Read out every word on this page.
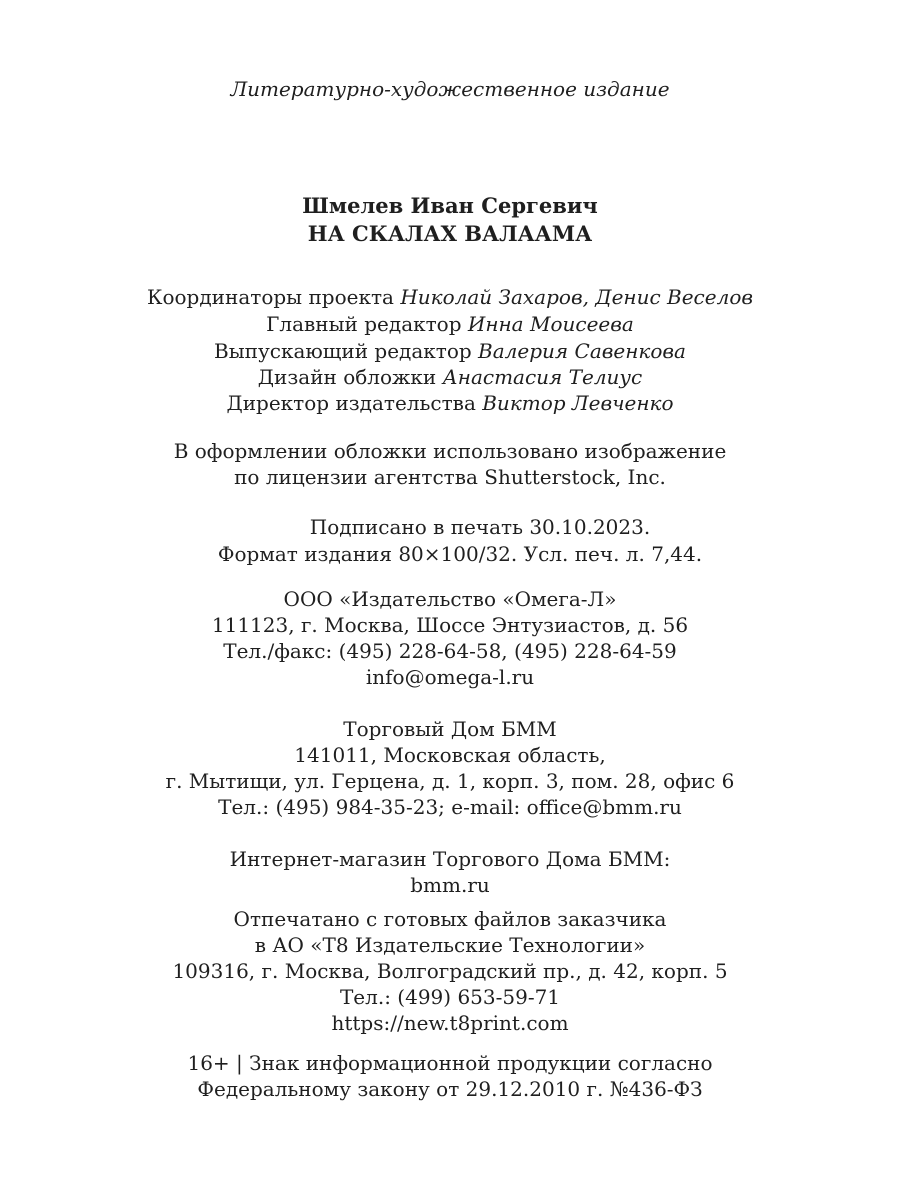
Литературно-художественное издание
Шмелев Иван Сергевич
НА СКАЛАХ ВАЛААМА
Координаторы проекта Николай Захаров, Денис Веселов
Главный редактор Инна Моисеева
Выпускающий редактор Валерия Савенкова
Дизайн обложки Анастасия Телиус
Директор издательства Виктор Левченко
В оформлении обложки использовано изображение
по лицензии агентства Shutterstock, Inc.
Подписано в печать 30.10.2023.
Формат издания 80×100/32. Усл. печ. л. 7,44.
ООО «Издательство «Омега-Л»
111123, г. Москва, Шоссе Энтузиастов, д. 56
Тел./факс: (495) 228-64-58, (495) 228-64-59
info@omega-l.ru
Торговый Дом БММ
141011, Московская область,
г. Мытищи, ул. Герцена, д. 1, корп. 3, пом. 28, офис 6
Тел.: (495) 984-35-23; e-mail: office@bmm.ru
Интернет-магазин Торгового Дома БММ:
bmm.ru
Отпечатано с готовых файлов заказчика
в АО «T8 Издательские Технологии»
109316, г. Москва, Волгоградский пр., д. 42, корп. 5
Тел.: (499) 653-59-71
https://new.t8print.com
16+ | Знак информационной продукции согласно
Федеральному закону от 29.12.2010 г. №436-ФЗ
